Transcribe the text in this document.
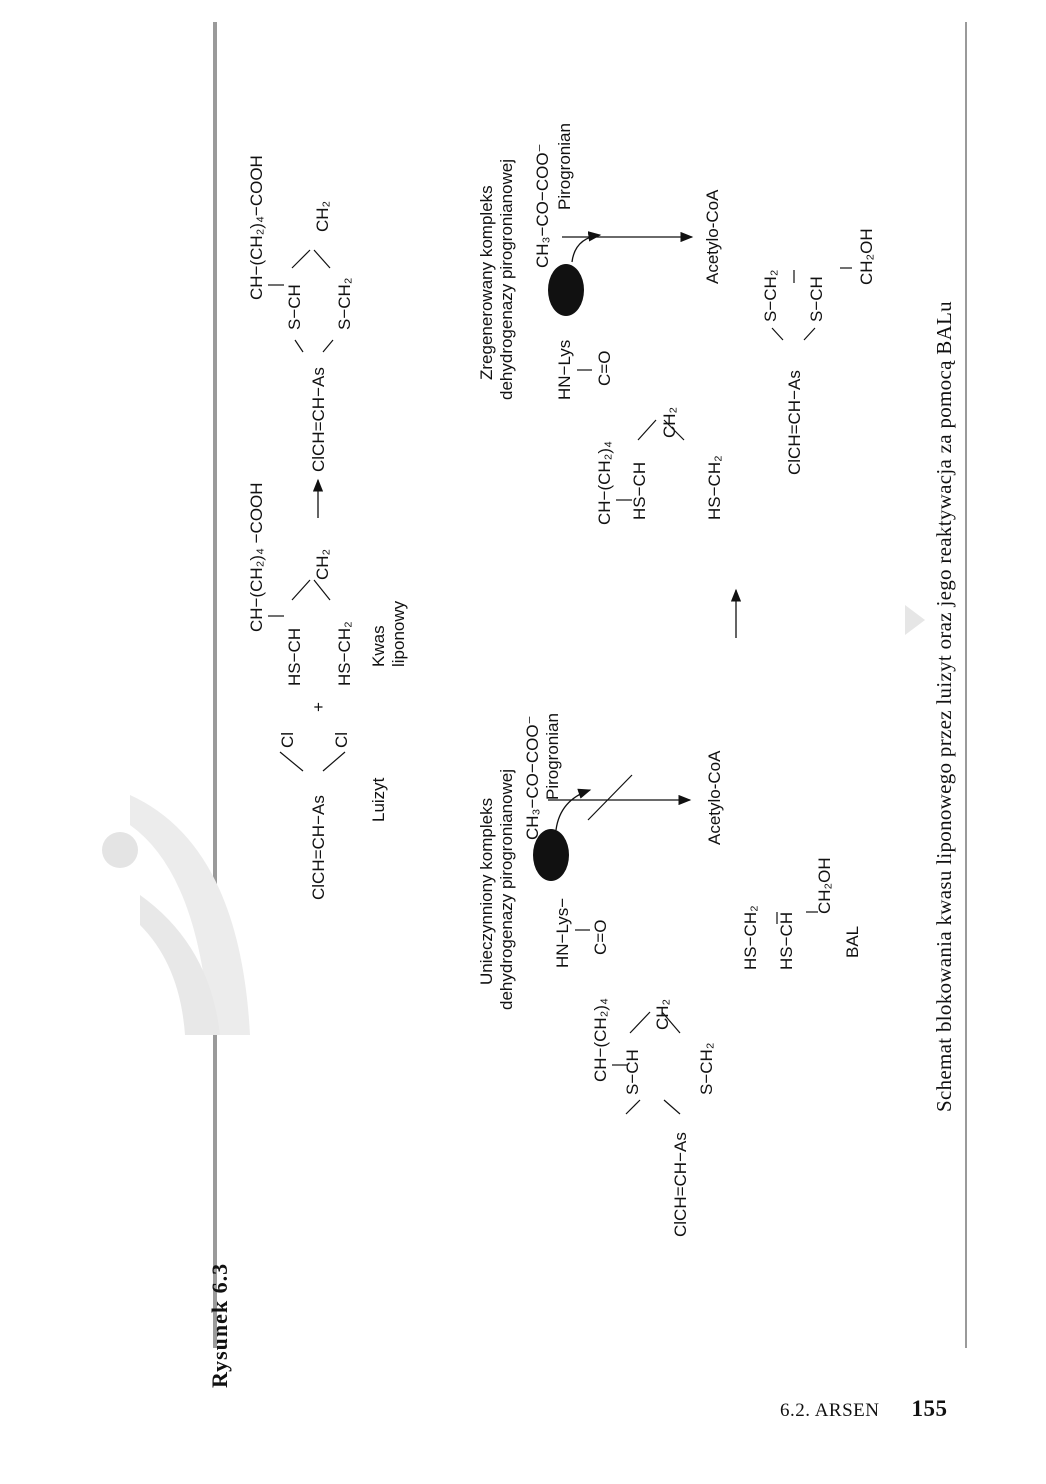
Rysunek 6.3
Schemat blokowania kwasu liponowego przez luizyt oraz jego reaktywacja za pomocą BALu
ClCH=CH−As
Cl Cl
Luizyt
+
CH−(CH₂)₄ −COOH
HS−CH
CH₂
HS−CH₂ Kwas liponowy
CH−(CH₂)₄−COOH
S−CH
CH₂
ClCH=CH−As
S−CH₂
Unieczynniony kompleks dehydrogenazy pirogronianowej CH₃−CO−COO⁻ Pirogronian	Acetylo-CoA
HN−Lys− C=O
CH−(CH₂)₄ S−CH
CH₂
ClCH=CH−As
S−CH₂
HS−CH₂ HS−CH
CH₂OH
BAL
Zregenerowany kompleks dehydrogenazy pirogronianowej CH₃−CO−COO⁻ Pirogronian
Acetylo-CoA
HN−Lys C=O
CH−(CH₂)₄ HS−CH
CH₂
HS−CH₂
S−CH₂ S−CH
CH₂OH
ClCH=CH−As
6.2. ARSEN 155
